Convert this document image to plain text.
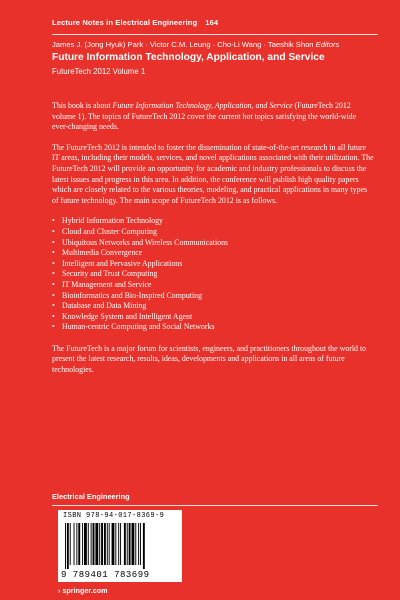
Lecture Notes in Electrical Engineering 164
James J. (Jong Hyuk) Park · Victor C.M. Leung · Cho-Li Wang · Taeshik Shon Editors
Future Information Technology, Application, and Service
FutureTech 2012 Volume 1

This book is about Future Information Technology, Application, and Service (FutureTech 2012 volume 1). The topics of FutureTech 2012 cover the current hot topics satisfying the world-wide ever-changing needs.

The FutureTech 2012 is intended to foster the dissemination of state-of-the-art research in all future IT areas, including their models, services, and novel applications associated with their utilization. The FutureTech 2012 will provide an opportunity for academic and industry professionals to discuss the latest issues and progress in this area. In addition, the conference will publish high quality papers which are closely related to the various theories, modeling, and practical applications in many types of future technology. The main scope of FutureTech 2012 is as follows.

• Hybrid Information Technology
• Cloud and Cluster Computing
• Ubiquitous Networks and Wireless Communications
• Multimedia Convergence
• Intelligent and Pervasive Applications
• Security and Trust Computing
• IT Management and Service
• Bioinformatics and Bio-Inspired Computing
• Database and Data Mining
• Knowledge System and Intelligent Agent
• Human-centric Computing and Social Networks

The FutureTech is a major forum for scientists, engineers, and practitioners throughout the world to present the latest research, results, ideas, developments and applications in all areas of future technologies.

Electrical Engineering
ISBN 978-94-017-8369-9
9 789401 783699
› springer.com
